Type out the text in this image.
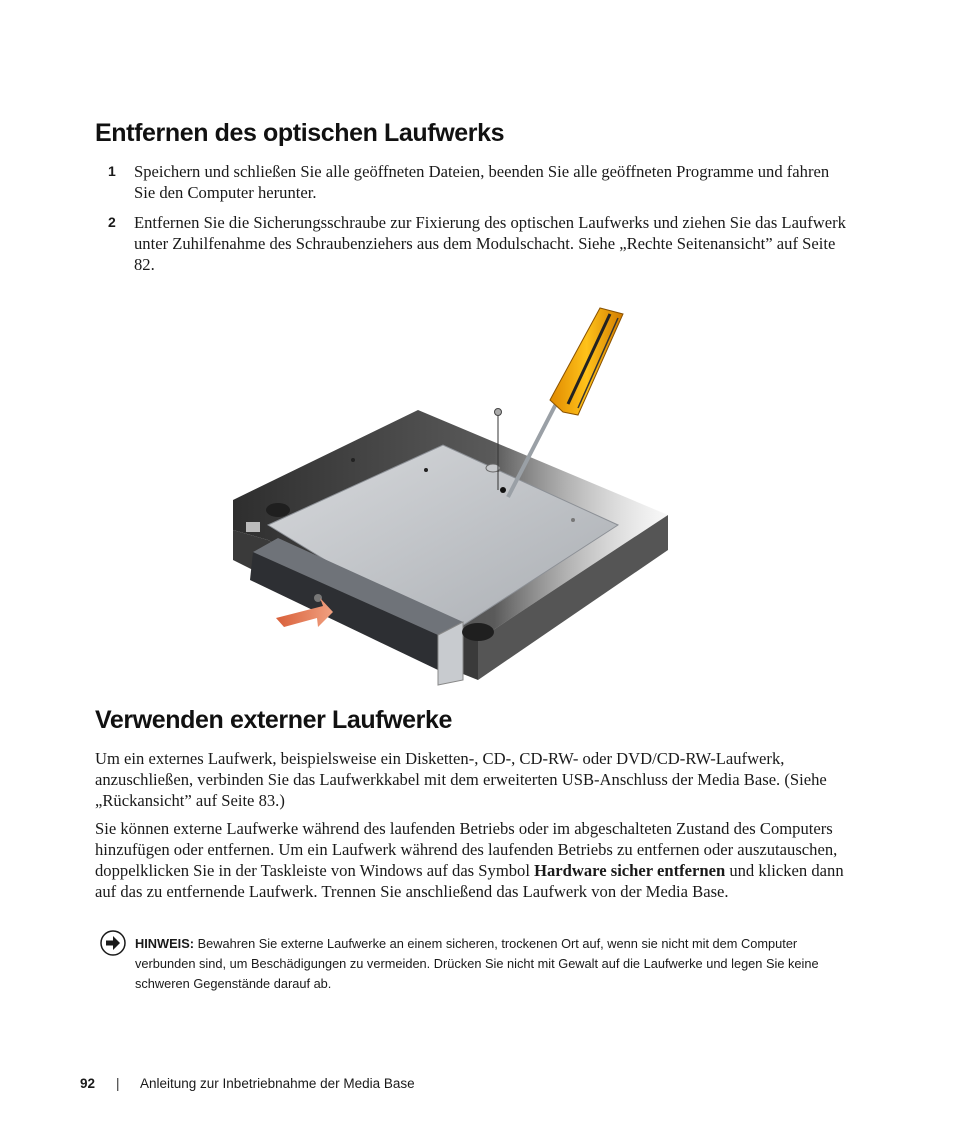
Entfernen des optischen Laufwerks
1	Speichern und schließen Sie alle geöffneten Dateien, beenden Sie alle geöffneten Programme und fahren Sie den Computer herunter.
2	Entfernen Sie die Sicherungsschraube zur Fixierung des optischen Laufwerks und ziehen Sie das Laufwerk unter Zuhilfenahme des Schraubenziehers aus dem Modulschacht. Siehe „Rechte Seitenansicht” auf Seite 82.
Verwenden externer Laufwerke

Um ein externes Laufwerk, beispielsweise ein Disketten-, CD-, CD-RW- oder DVD/CD-RW-Laufwerk, anzuschließen, verbinden Sie das Laufwerkkabel mit dem erweiterten USB-Anschluss der Media Base. (Siehe „Rückansicht” auf Seite 83.)

Sie können externe Laufwerke während des laufenden Betriebs oder im abgeschalteten Zustand des Computers hinzufügen oder entfernen. Um ein Laufwerk während des laufenden Betriebs zu entfernen oder auszutauschen, doppelklicken Sie in der Taskleiste von Windows auf das Symbol Hardware sicher entfernen und klicken dann auf das zu entfernende Laufwerk. Trennen Sie anschließend das Laufwerk von der Media Base.

HINWEIS: Bewahren Sie externe Laufwerke an einem sicheren, trockenen Ort auf, wenn sie nicht mit dem Computer verbunden sind, um Beschädigungen zu vermeiden. Drücken Sie nicht mit Gewalt auf die Laufwerke und legen Sie keine schweren Gegenstände darauf ab.
92 | Anleitung zur Inbetriebnahme der Media Base
